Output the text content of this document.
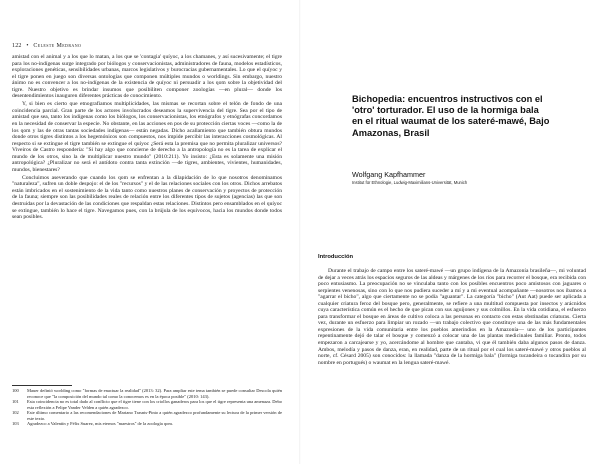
122 • Celeste Medrano

amistad con el animal y a los que lo matan, a los que se 'contagia' quíyoc, a los chamanes, y así sucesivamente; el tigre para los no-indígenas surge integrado por biólogos y conservacionistas, administradores de fauna, modelos estadísticos, exploraciones genéticas, sensibilidades urbanas, marcos legislativos y burocracias gubernamentales. Lo que el quíyoc y el tigre ponen en juego son diversas ontologías que componen múltiples mundos o worldings. Sin embargo, nuestro ánimo no es convencer a los no-indígenas de la existencia de quíyoc ni persuadir a los qom sobre la objetividad del tigre. Nuestro objetivo es brindar insumos que posibiliten componer zoologías —en plural— donde los desentendimientos inauguren diferentes prácticas de conocimiento.

Y, si bien es cierto que etnografiamos multiplicidades, las mismas se recortan sobre el telón de fondo de una coincidencia parcial. Gran parte de los actores involucrados deseamos la supervivencia del tigre. Sea por el tipo de amistad que sea, tanto los indígenas como los biólogos, los conservacionistas, los etnógrafos y etnógrafas concordamos en la necesidad de conservar la especie. No obstante, en las acciones en pos de su protección ciertas voces —como la de los qom y las de otras tantas sociedades indígenas— están negadas. Dicho acallamiento que también obtura mundos donde otros tigres distintos a los hegemónicos son compuestos, nos impide percibir las interacciones cosmológicas. Al respecto si se extingue el tigre también se extingue el quíyoc ¿Será esta la premisa que no permita pluralizar universos? Viveiros de Castro respondería: "Si hay algo que concierne de derecho a la antropología no es la tarea de explicar el mundo de los otros, sino la de multiplicar nuestro mundo" (2010:211). Yo insisto: ¿Esta es solamente una misión antropológica? ¿Pluralizar no será el antídoto contra tanta extinción —de tigres, ambientes, vivientes, humanidades, mundos, bienestares?

Concluimos aseverando que cuando los qom se enfrentan a la dilapidación de lo que nosotros denominamos "naturaleza", sufren un doble despojo: el de los "recursos" y el de las relaciones sociales con los otros. Dichos arrebatos están imbricados en el sostenimiento de la vida tanto como nuestros planes de conservación y proyectos de protección de la fauna; siempre son las posibilidades reales de relación entre los diferentes tipos de sujetos (agencias) las que son destruidas por la devastación de las condiciones que respaldan estas relaciones. Distintos pero ensamblados en el quíyoc se extingue, también lo hace el tigre. Navegamos pues, con la brújula de los equívocos, hacia los mundos donde todos sean posibles.

100	Mauer definió worlding como "formas de enactuar la realidad" (2013: 32). Para ampliar este tema también se puede consultar Descola quién reconoce que "la composición del mundo tal como la conocemos es en la época posible" (2010: 143).
101	Esta coincidencia no es total dado al conflicto que el tigre tiene con los criollos ganaderos para los que el tigre representa una amenaza. Debo esta reflexión a Felipe Vander Velden a quién agradezco.
102	Este último comentario a las recomendaciones de Mariano Trasnts-Pinto a quién agradezco profundamente su lectura de la primer versión de este texto.
103	Agradezco a Valentín y Félix Suarez, mis eternos "maestros" de la zoología qom.
Bichopedia: encuentros instructivos con el 'otro' torturador. El uso de la hormiga bala en el ritual waumat de los sateré-mawé, Bajo Amazonas, Brasil
Wolfgang Kapfhammer
Institut für Ethnologie, Ludwig-Maximilians-Universität, Munich
Introducción

Durante el trabajo de campo entre los sateré-mawé —un grupo indígena de la Amazonía brasileña—, mi voluntad de dejar a veces atrás los espacios seguros de las aldeas y márgenes de los ríos para recorrer el bosque, era recibida con poco entusiasmo. La preocupación no se vinculaba tanto con los posibles encuentros poco amistosos con jaguares o serpientes venenosas, sino con lo que nos pudiera suceder a mí y a mi eventual acompañante —nosotros nos íbamos a "agarrar el bicho", algo que ciertamente no se podía "aguantar". La categoría "bicho" (Aut Aat) puede ser aplicada a cualquier criatura feroz del bosque pero, generalmente, se refiere a una multitud compuesta por insectos y arácnidos cuya característica común es el hecho de que pican con sus aguijones y sus colmillos. En la vida cotidiana, el esfuerzo para transformar el bosque en áreas de cultivo coloca a las personas en contacto con estas obstinadas criaturas. Cierta vez, durante un esfuerzo para limpiar un rozado —un trabajo colectivo que constituye una de las más fundamentales expresiones de la vida comunitaria entre los pueblos amerindios en la Amazonía— uno de los participantes repentinamente dejó de talar el bosque y comenzó a colocar una de las plantas medicinales familiar. Pronto, todos empezaron a carcajearse y yo, acercándome al hombre que cantaba, vi que él también daba algunos pasos de danza. Ambos, melodía y pasos de danza, eran, en realidad, parte de un ritual por el cual los sateré-mawé y otros pueblos al norte, cf. Césard 2005) son conocidos: la llamada "danza de la hormiga bala" (formiga tucandeira o tocandira por su nombre en portugués) o waumat en la lengua sateré-mawé.
